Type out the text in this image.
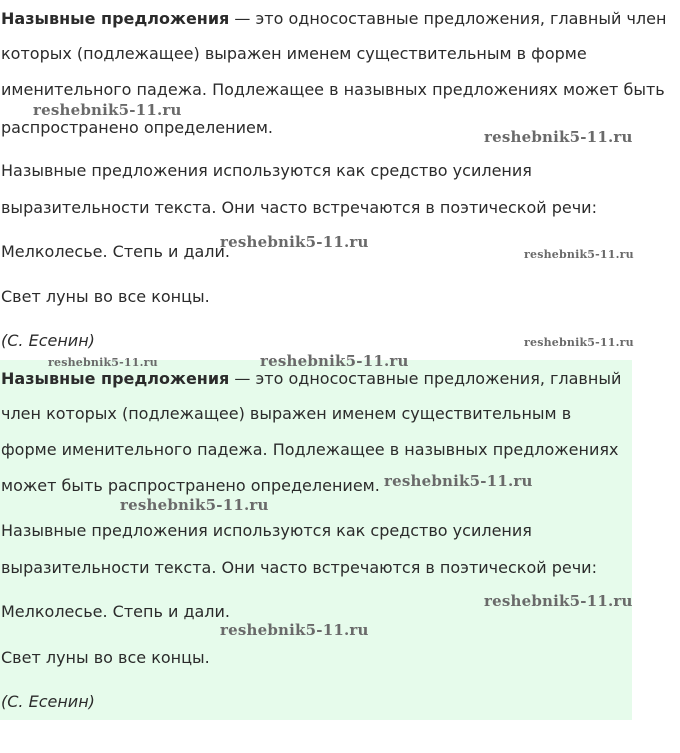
Назывные предложения — это односоставные предложения, главный член
которых (подлежащее) выражен именем существительным в форме
именительного падежа. Подлежащее в назывных предложениях может быть
распространено определением.
Назывные предложения используются как средство усиления
выразительности текста. Они часто встречаются в поэтической речи:
Мелколесье. Степь и дали.
Свет луны во все концы.
(С. Есенин)
Назывные предложения — это односоставные предложения, главный
член которых (подлежащее) выражен именем существительным в
форме именительного падежа. Подлежащее в назывных предложениях
может быть распространено определением.
Назывные предложения используются как средство усиления
выразительности текста. Они часто встречаются в поэтической речи:
Мелколесье. Степь и дали.
Свет луны во все концы.
(С. Есенин)
reshebnik5-11.ru
reshebnik5-11.ru
reshebnik5-11.ru
reshebnik5-11.ru
reshebnik5-11.ru
reshebnik5-11.ru	reshebnik5-11.ru
reshebnik5-11.ru
reshebnik5-11.ru
reshebnik5-11.ru
reshebnik5-11.ru
